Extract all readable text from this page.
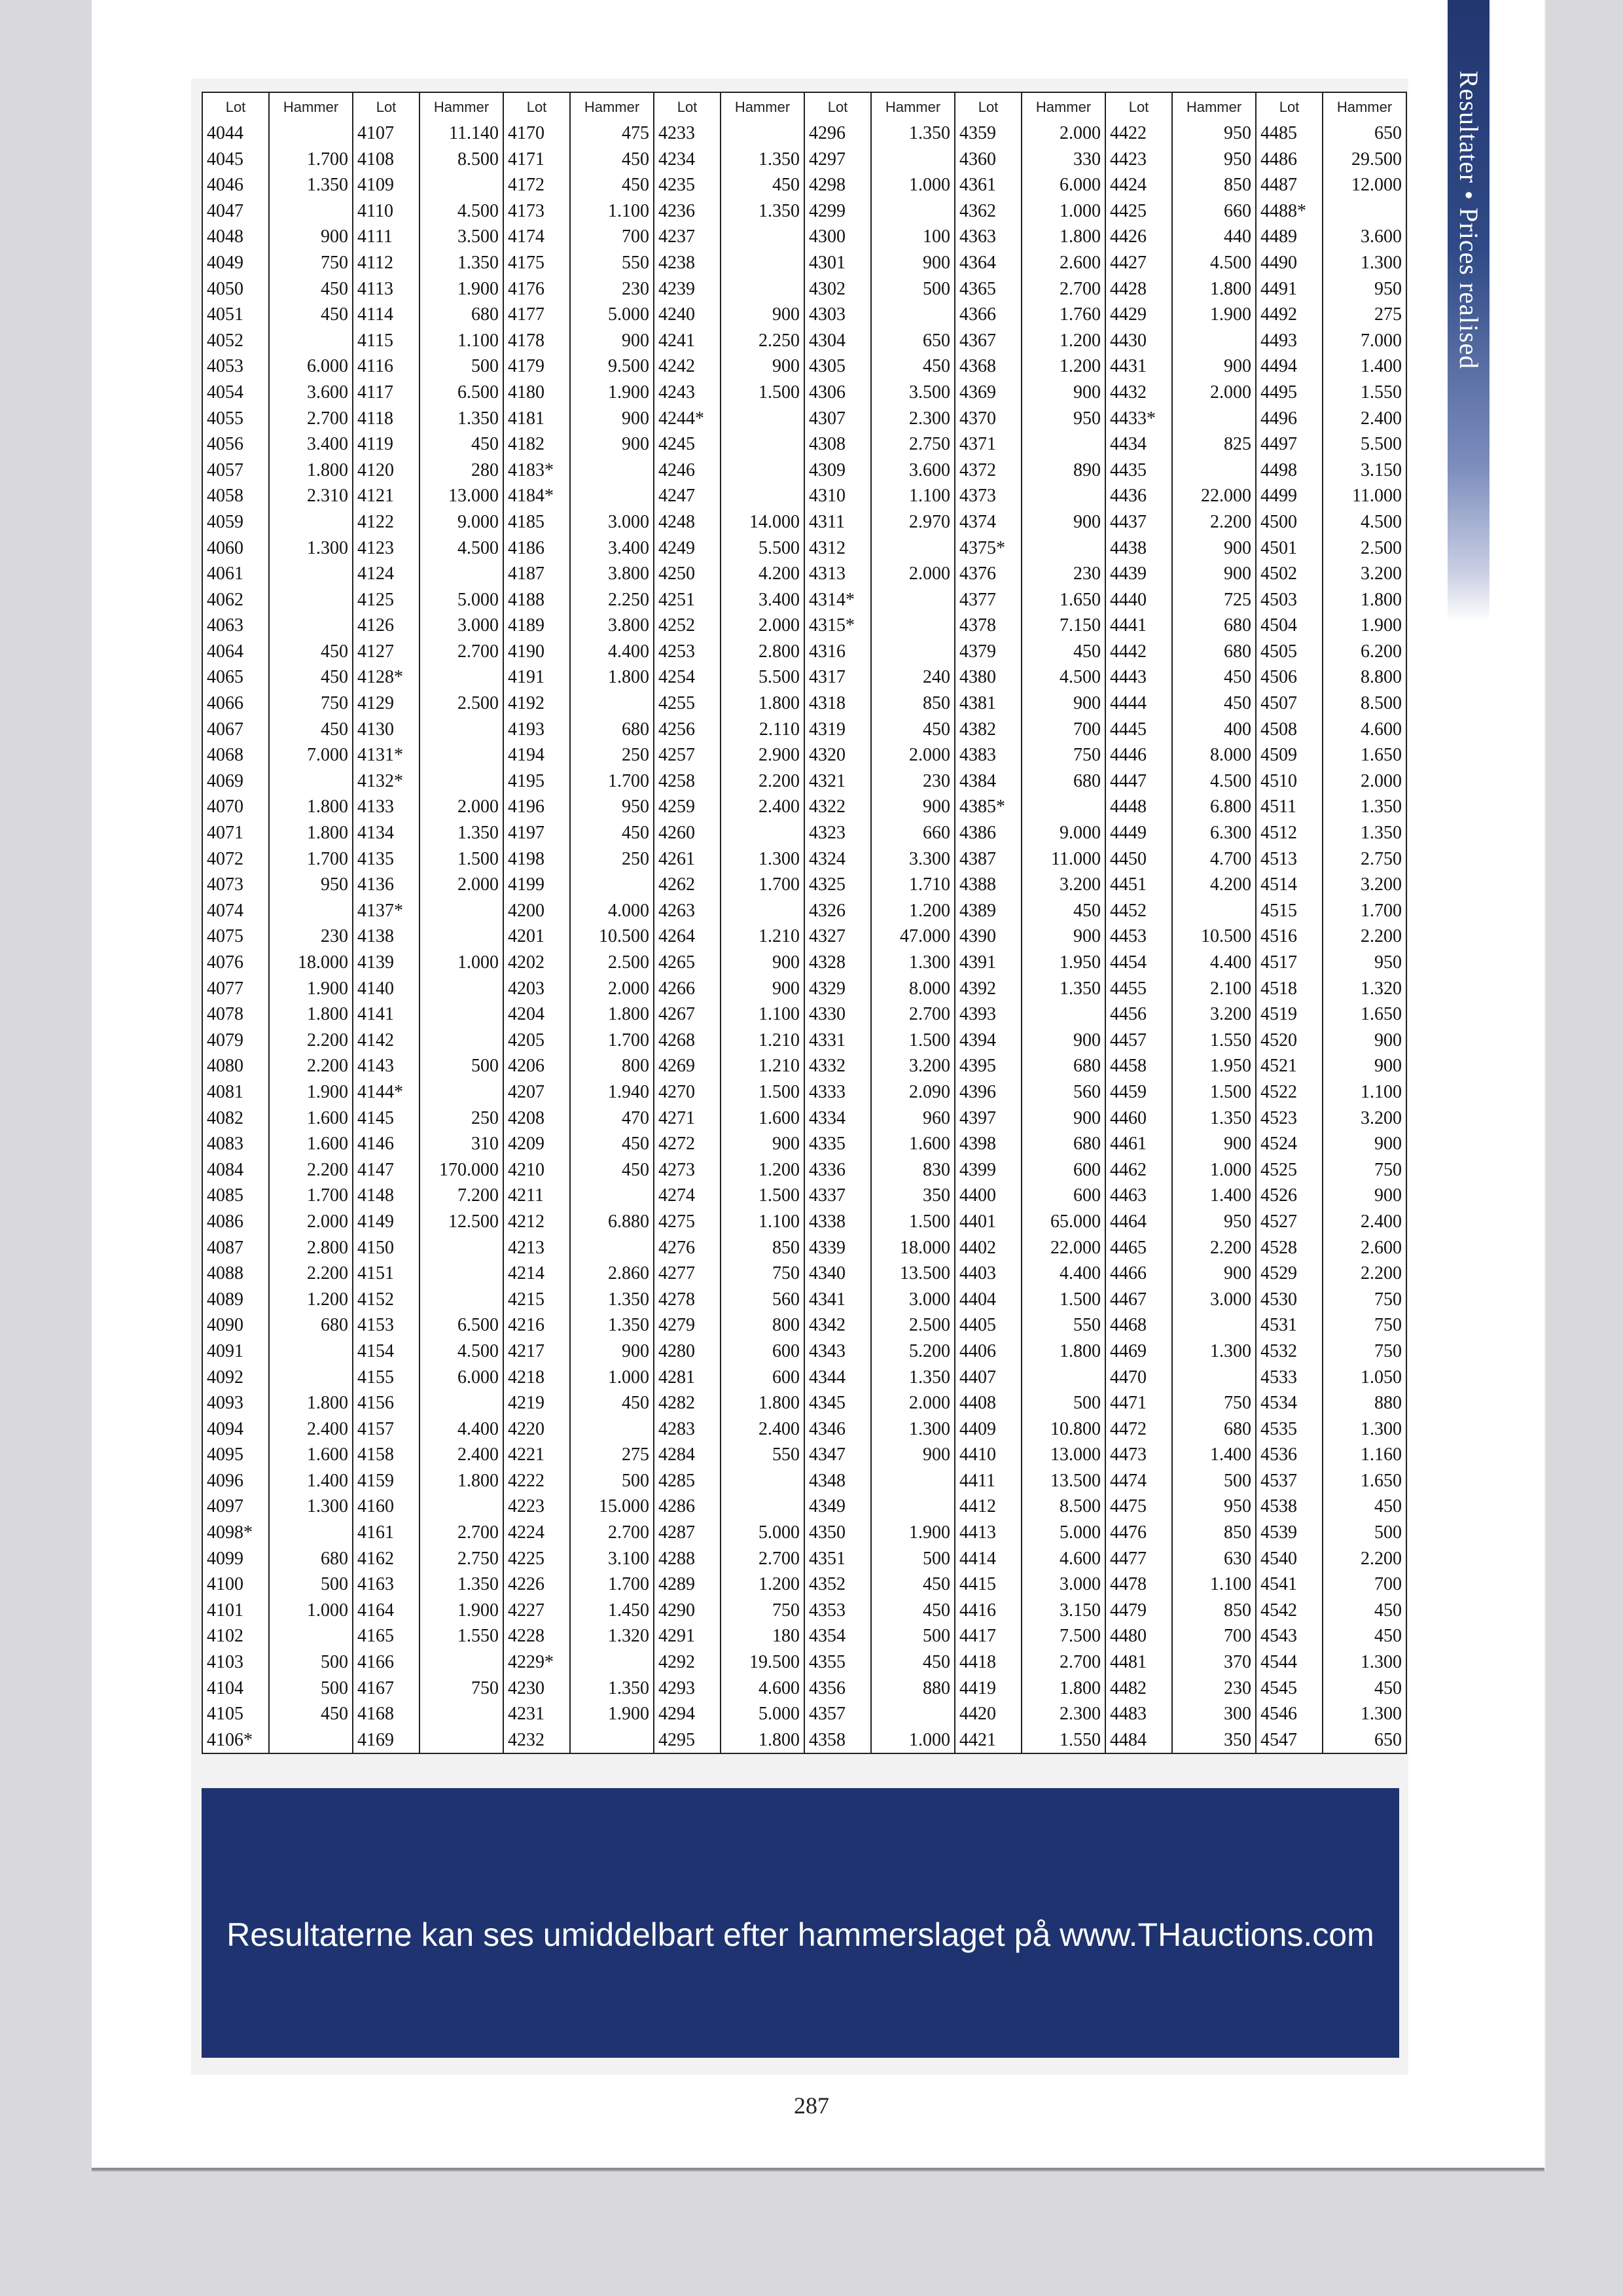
Resultater • Prices realised
Lot	Hammer	Lot	Hammer	Lot	Hammer	Lot	Hammer	Lot	Hammer	Lot	Hammer	Lot	Hammer	Lot	Hammer
4044		4107	11.140	4170	475	4233		4296	1.350	4359	2.000	4422	950	4485	650
4045	1.700	4108	8.500	4171	450	4234	1.350	4297		4360	330	4423	950	4486	29.500
4046	1.350	4109		4172	450	4235	450	4298	1.000	4361	6.000	4424	850	4487	12.000
4047		4110	4.500	4173	1.100	4236	1.350	4299		4362	1.000	4425	660	4488*	
4048	900	4111	3.500	4174	700	4237		4300	100	4363	1.800	4426	440	4489	3.600
4049	750	4112	1.350	4175	550	4238		4301	900	4364	2.600	4427	4.500	4490	1.300
4050	450	4113	1.900	4176	230	4239		4302	500	4365	2.700	4428	1.800	4491	950
4051	450	4114	680	4177	5.000	4240	900	4303		4366	1.760	4429	1.900	4492	275
4052		4115	1.100	4178	900	4241	2.250	4304	650	4367	1.200	4430		4493	7.000
4053	6.000	4116	500	4179	9.500	4242	900	4305	450	4368	1.200	4431	900	4494	1.400
4054	3.600	4117	6.500	4180	1.900	4243	1.500	4306	3.500	4369	900	4432	2.000	4495	1.550
4055	2.700	4118	1.350	4181	900	4244*		4307	2.300	4370	950	4433*		4496	2.400
4056	3.400	4119	450	4182	900	4245		4308	2.750	4371		4434	825	4497	5.500
4057	1.800	4120	280	4183*		4246		4309	3.600	4372	890	4435		4498	3.150
4058	2.310	4121	13.000	4184*		4247		4310	1.100	4373		4436	22.000	4499	11.000
4059		4122	9.000	4185	3.000	4248	14.000	4311	2.970	4374	900	4437	2.200	4500	4.500
4060	1.300	4123	4.500	4186	3.400	4249	5.500	4312		4375*		4438	900	4501	2.500
4061		4124		4187	3.800	4250	4.200	4313	2.000	4376	230	4439	900	4502	3.200
4062		4125	5.000	4188	2.250	4251	3.400	4314*		4377	1.650	4440	725	4503	1.800
4063		4126	3.000	4189	3.800	4252	2.000	4315*		4378	7.150	4441	680	4504	1.900
4064	450	4127	2.700	4190	4.400	4253	2.800	4316		4379	450	4442	680	4505	6.200
4065	450	4128*		4191	1.800	4254	5.500	4317	240	4380	4.500	4443	450	4506	8.800
4066	750	4129	2.500	4192		4255	1.800	4318	850	4381	900	4444	450	4507	8.500
4067	450	4130		4193	680	4256	2.110	4319	450	4382	700	4445	400	4508	4.600
4068	7.000	4131*		4194	250	4257	2.900	4320	2.000	4383	750	4446	8.000	4509	1.650
4069		4132*		4195	1.700	4258	2.200	4321	230	4384	680	4447	4.500	4510	2.000
4070	1.800	4133	2.000	4196	950	4259	2.400	4322	900	4385*		4448	6.800	4511	1.350
4071	1.800	4134	1.350	4197	450	4260		4323	660	4386	9.000	4449	6.300	4512	1.350
4072	1.700	4135	1.500	4198	250	4261	1.300	4324	3.300	4387	11.000	4450	4.700	4513	2.750
4073	950	4136	2.000	4199		4262	1.700	4325	1.710	4388	3.200	4451	4.200	4514	3.200
4074		4137*		4200	4.000	4263		4326	1.200	4389	450	4452		4515	1.700
4075	230	4138		4201	10.500	4264	1.210	4327	47.000	4390	900	4453	10.500	4516	2.200
4076	18.000	4139	1.000	4202	2.500	4265	900	4328	1.300	4391	1.950	4454	4.400	4517	950
4077	1.900	4140		4203	2.000	4266	900	4329	8.000	4392	1.350	4455	2.100	4518	1.320
4078	1.800	4141		4204	1.800	4267	1.100	4330	2.700	4393		4456	3.200	4519	1.650
4079	2.200	4142		4205	1.700	4268	1.210	4331	1.500	4394	900	4457	1.550	4520	900
4080	2.200	4143	500	4206	800	4269	1.210	4332	3.200	4395	680	4458	1.950	4521	900
4081	1.900	4144*		4207	1.940	4270	1.500	4333	2.090	4396	560	4459	1.500	4522	1.100
4082	1.600	4145	250	4208	470	4271	1.600	4334	960	4397	900	4460	1.350	4523	3.200
4083	1.600	4146	310	4209	450	4272	900	4335	1.600	4398	680	4461	900	4524	900
4084	2.200	4147	170.000	4210	450	4273	1.200	4336	830	4399	600	4462	1.000	4525	750
4085	1.700	4148	7.200	4211		4274	1.500	4337	350	4400	600	4463	1.400	4526	900
4086	2.000	4149	12.500	4212	6.880	4275	1.100	4338	1.500	4401	65.000	4464	950	4527	2.400
4087	2.800	4150		4213		4276	850	4339	18.000	4402	22.000	4465	2.200	4528	2.600
4088	2.200	4151		4214	2.860	4277	750	4340	13.500	4403	4.400	4466	900	4529	2.200
4089	1.200	4152		4215	1.350	4278	560	4341	3.000	4404	1.500	4467	3.000	4530	750
4090	680	4153	6.500	4216	1.350	4279	800	4342	2.500	4405	550	4468		4531	750
4091		4154	4.500	4217	900	4280	600	4343	5.200	4406	1.800	4469	1.300	4532	750
4092		4155	6.000	4218	1.000	4281	600	4344	1.350	4407		4470		4533	1.050
4093	1.800	4156		4219	450	4282	1.800	4345	2.000	4408	500	4471	750	4534	880
4094	2.400	4157	4.400	4220		4283	2.400	4346	1.300	4409	10.800	4472	680	4535	1.300
4095	1.600	4158	2.400	4221	275	4284	550	4347	900	4410	13.000	4473	1.400	4536	1.160
4096	1.400	4159	1.800	4222	500	4285		4348		4411	13.500	4474	500	4537	1.650
4097	1.300	4160		4223	15.000	4286		4349		4412	8.500	4475	950	4538	450
4098*		4161	2.700	4224	2.700	4287	5.000	4350	1.900	4413	5.000	4476	850	4539	500
4099	680	4162	2.750	4225	3.100	4288	2.700	4351	500	4414	4.600	4477	630	4540	2.200
4100	500	4163	1.350	4226	1.700	4289	1.200	4352	450	4415	3.000	4478	1.100	4541	700
4101	1.000	4164	1.900	4227	1.450	4290	750	4353	450	4416	3.150	4479	850	4542	450
4102		4165	1.550	4228	1.320	4291	180	4354	500	4417	7.500	4480	700	4543	450
4103	500	4166		4229*		4292	19.500	4355	450	4418	2.700	4481	370	4544	1.300
4104	500	4167	750	4230	1.350	4293	4.600	4356	880	4419	1.800	4482	230	4545	450
4105	450	4168		4231	1.900	4294	5.000	4357		4420	2.300	4483	300	4546	1.300
4106*		4169		4232		4295	1.800	4358	1.000	4421	1.550	4484	350	4547	650
Resultaterne kan ses umiddelbart efter hammerslaget på www.THauctions.com
287
